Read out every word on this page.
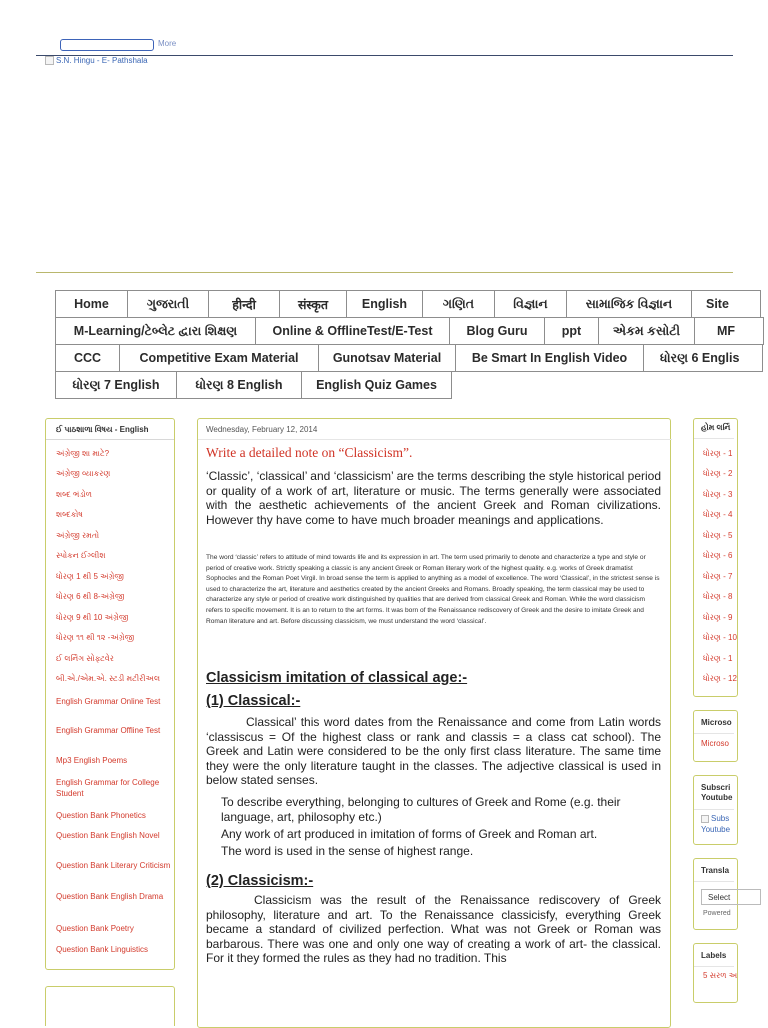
More
S.N. Hingu - E- Pathshala
Home	ગુજરાતી	हीन्दी	संस्कृत	English	ગણિત	વિજ્ઞાન	સામાજિક વિજ્ઞાન	Site
M-Learning/ટેબ્લેટ દ્વારા શિક્ષણ	Online & OfflineTest/E-Test	Blog Guru	ppt	એકમ કસોટી	MF
CCC	Competitive Exam Material	Gunotsav Material	Be Smart In English Video	ધોરણ 6 Englis
ધોરણ 7 English	ધોરણ 8 English	English Quiz Games
ઈ પાઠશાળા વિષય - English
અંગ્રેજી શા માટે?
અંગ્રેજી વ્યાકરણ
શબ્દ ભંડોળ
શબ્દકોષ
અંગ્રેજી રમતો
સ્પોકન ઈંગ્લીશ
ધોરણ 1 થી 5 અંગ્રેજી
ધોરણ 6 થી 8-અંગ્રેજી
ધોરણ 9 થી 10 અંગ્રેજી
ધોરણ ૧૧ થી ૧૨ -અંગ્રેજી
ઈ લર્નિંગ સોફ્ટવેર
બી.એ./એમ.એ. સ્ટડી મટીરીઅલ
English Grammar Online Test
English Grammar Offline Test
Mp3 English Poems
English Grammar for College Student
Question Bank Phonetics
Question Bank English Novel
Question Bank Literary Criticism
Question Bank English Drama
Question Bank Poetry
Question Bank Linguistics
Wednesday, February 12, 2014
Write a detailed note on “Classicism”.
‘Classic’, ‘classical’ and ‘classicism’ are the terms describing the style historical period or quality of a work of art, literature or music. The terms generally were associated with the aesthetic achievements of the ancient Greek and Roman civilizations. However thy have come to have much broader meanings and applications.
The word ‘classic’ refers to attitude of mind towards life and its expression in art. The term used primarily to denote and characterize a type and style or period of creative work. Strictly speaking a classic is any ancient Greek or Roman literary work of the highest quality. e.g. works of Greek dramatist Sophocles and the Roman Poet Virgil. In broad sense the term is applied to anything as a model of excellence. The word ‘Classical’, in the strictest sense is used to characterize the art, literature and aesthetics created by the ancient Greeks and Romans. Broadly speaking, the term classical may be used to characterize any style or period of creative work distinguished by qualities that are derived from classical Greek and Roman. While the word classicism refers to specific movement. It is an to return to the art forms. It was born of the Renaissance rediscovery of Greek and the desire to imitate Greek and Roman literature and art. Before discussing classicism, we must understand the word ‘classical’.
Classicism imitation of classical age:-
(1) Classical:-
Classical’ this word dates from the Renaissance and come from Latin words ‘classiscus = Of the highest class or rank and classis = a class cat school). The Greek and Latin were considered to be the only first class literature. The same time they were the only literature taught in the classes. The adjective classical is used in below stated senses.
To describe everything, belonging to cultures of Greek and Rome (e.g. their language, art, philosophy etc.)
Any work of art produced in imitation of forms of Greek and Roman art.
The word is used in the sense of highest range.
(2) Classicism:-
Classicism was the result of the Renaissance rediscovery of Greek philosophy, literature and art. To the Renaissance classicisfy, everything Greek became a standard of civilized perfection. What was not Greek or Roman was barbarous. There was one and only one way of creating a work of art- the classical. For it they formed the rules as they had no tradition. This
હોમ લર્નિ
ધોરણ - 1
ધોરણ - 2
ધોરણ - 3
ધોરણ - 4
ધોરણ - 5
ધોરણ - 6
ધોરણ - 7
ધોરણ - 8
ધોરણ - 9
ધોરણ - 10
ધોરણ - 1
ધોરણ - 12
Microso
Microso
Subscri
Youtube
Subs
Youtube
Transla
Select
Powered
Labels
5 સરળ અ
